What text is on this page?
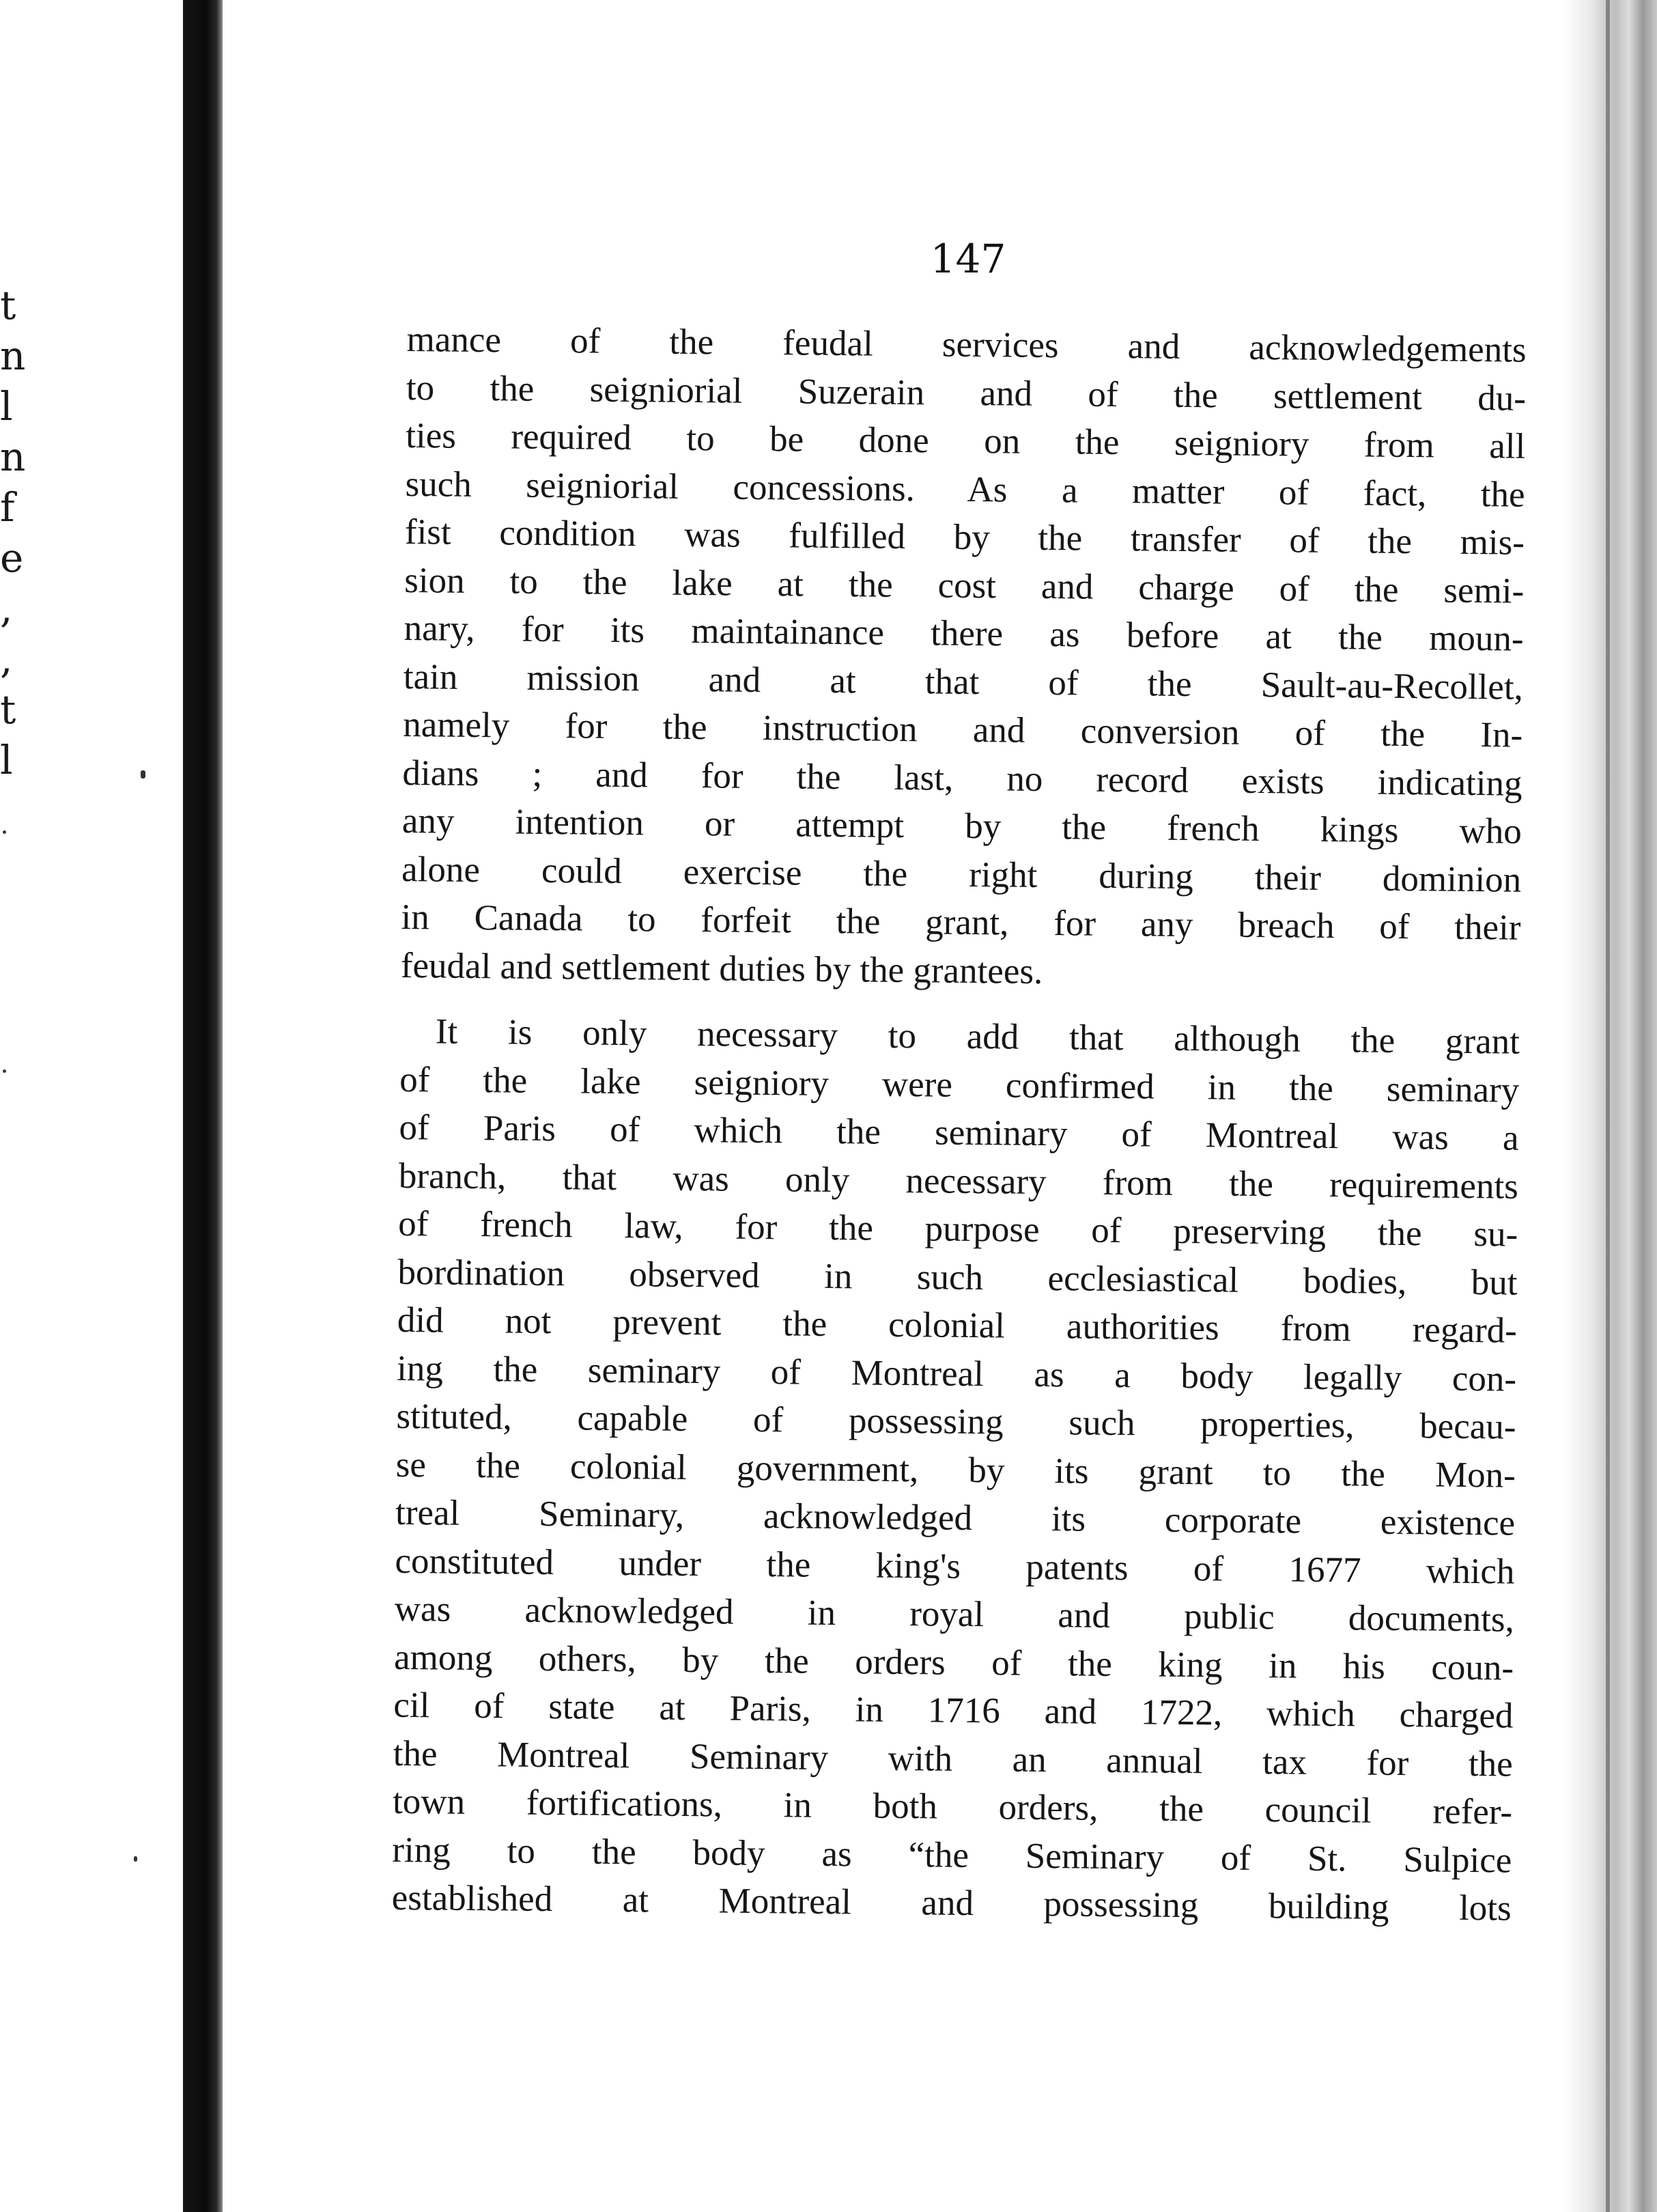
t
n
l
n
f
e
,
,
t
l

147

mance of the feudal services and acknowledgements
to the seigniorial Suzerain and of the settlement du-
ties required to be done on the seigniory from all
such seigniorial concessions. As a matter of fact, the
fist condition was fulfilled by the transfer of the mis-
sion to the lake at the cost and charge of the semi-
nary, for its maintainance there as before at the moun-
tain mission and at that of the Sault-au-Recollet,
namely for the instruction and conversion of the In-
dians ; and for the last, no record exists indicating
any intention or attempt by the french kings who
alone could exercise the right during their dominion
in Canada to forfeit the grant, for any breach of their
feudal and settlement duties by the grantees.

It is only necessary to add that although the grant
of the lake seigniory were confirmed in the seminary
of Paris of which the seminary of Montreal was a
branch, that was only necessary from the requirements
of french law, for the purpose of preserving the su-
bordination observed in such ecclesiastical bodies, but
did not prevent the colonial authorities from regard-
ing the seminary of Montreal as a body legally con-
stituted, capable of possessing such properties, becau-
se the colonial government, by its grant to the Mon-
treal Seminary, acknowledged its corporate existence
constituted under the king's patents of 1677 which
was acknowledged in royal and public documents,
among others, by the orders of the king in his coun-
cil of state at Paris, in 1716 and 1722, which charged
the Montreal Seminary with an annual tax for the
town fortifications, in both orders, the council refer-
ring to the body as “the Seminary of St. Sulpice
established at Montreal and possessing building lots
